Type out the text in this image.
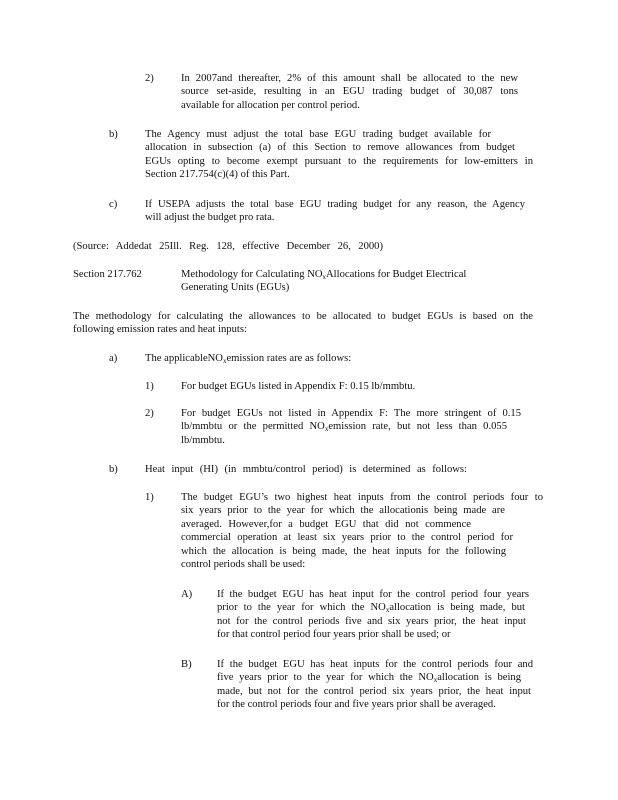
2)	In 2007and thereafter, 2% of this amount shall be allocated to the new
source set-aside, resulting in an EGU trading budget of 30,087 tons
available for allocation per control period.
b)	The Agency must adjust the total base EGU trading budget available for
allocation in subsection (a) of this Section to remove allowances from budget
EGUs opting to become exempt pursuant to the requirements for low-emitters in
Section 217.754(c)(4) of this Part.
c)	If USEPA adjusts the total base EGU trading budget for any reason, the Agency
will adjust the budget pro rata.
(Source: Addedat 25Ill. Reg. 128, effective December 26, 2000)
Section 217.762	Methodology for Calculating $NO_xAllocations$ for Budget Electrical
Generating Units (EGUs)
The methodology for calculating the allowances to be allocated to budget EGUs is based on the
following emission rates and heat inputs:
a)	The applicableNO$_x$emission rates are as follows:
1)	For budget EGUs listed in Appendix F: 0.15 lb/mmbtu.
2)	For budget EGUs not listed in Appendix F: The more stringent of 0.15
lb/mmbtu or the permitted $NO_xemission$ rate, but not less than 0.055
lb/mmbtu.
b)	Heat input (HI) (in mmbtu/control period) is determined as follows:
1)	The budget EGU’s two highest heat inputs from the control periods four to
six years prior to the year for which the allocationis being made are
averaged. However,for a budget EGU that did not commence
commercial operation at least six years prior to the control period for
which the allocation is being made, the heat inputs for the following
control periods shall be used:
A) If the budget EGU has heat input for the control period four years
prior to the year for which the $NO_xallocation$ is being made, but
not for the control periods five and six years prior, the heat input
for that control period four years prior shall be used; or
B) If the budget EGU has heat inputs for the control periods four and
five years prior to the year for which the $NO_xallocation$ is being
made, but not for the control period six years prior, the heat input
for the control periods four and five years prior shall be averaged.
